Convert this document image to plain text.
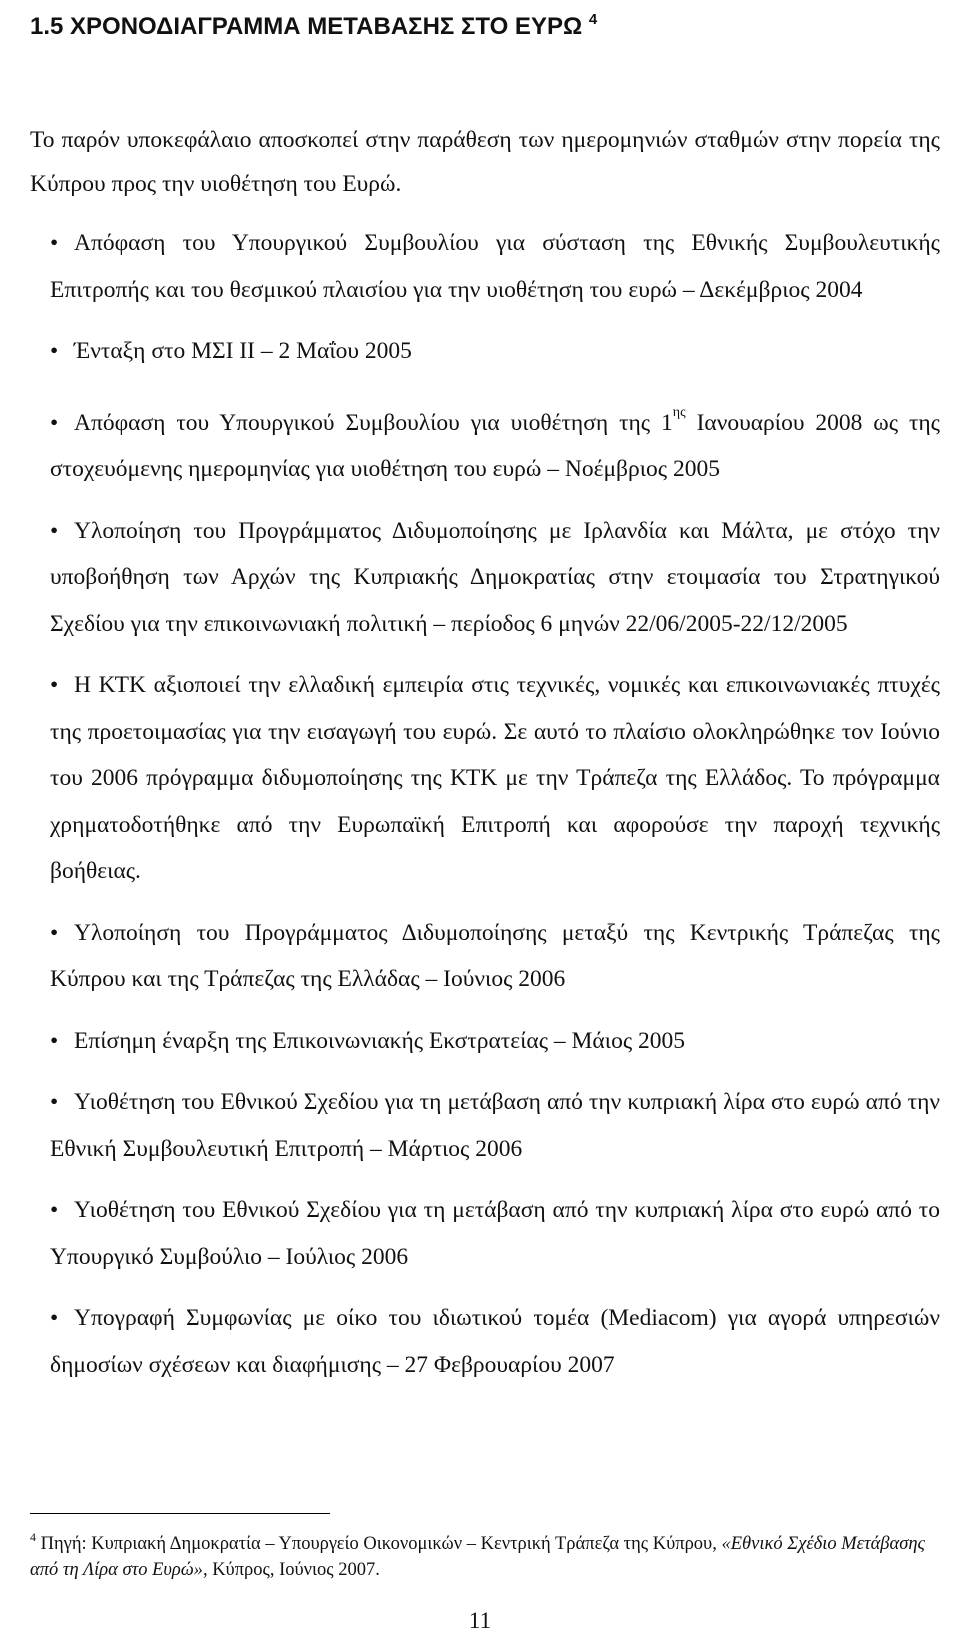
1.5 ΧΡΟΝΟΔΙΑΓΡΑΜΜΑ ΜΕΤΑΒΑΣΗΣ ΣΤΟ ΕΥΡΩ $^4$

Το παρόν υποκεφάλαιο αποσκοπεί στην παράθεση των ημερομηνιών σταθμών στην πορεία της Κύπρου προς την υιοθέτηση του Ευρώ.

• Απόφαση του Υπουργικού Συμβουλίου για σύσταση της Εθνικής Συμβουλευτικής Επιτροπής και του θεσμικού πλαισίου για την υιοθέτηση του ευρώ – Δεκέμβριος 2004
• Ένταξη στο ΜΣΙ ΙΙ – 2 Μαΐου 2005
• Απόφαση του Υπουργικού Συμβουλίου για υιοθέτηση της $1^{\eta\varsigma}$ Ιανουαρίου 2008 ως της στοχευόμενης ημερομηνίας για υιοθέτηση του ευρώ – Νοέμβριος 2005
• Υλοποίηση του Προγράμματος Διδυμοποίησης με Ιρλανδία και Μάλτα, με στόχο την υποβοήθηση των Αρχών της Κυπριακής Δημοκρατίας στην ετοιμασία του Στρατηγικού Σχεδίου για την επικοινωνιακή πολιτική – περίοδος 6 μηνών 22/06/2005-22/12/2005
• Η ΚΤΚ αξιοποιεί την ελλαδική εμπειρία στις τεχνικές, νομικές και επικοινωνιακές πτυχές της προετοιμασίας για την εισαγωγή του ευρώ. Σε αυτό το πλαίσιο ολοκληρώθηκε τον Ιούνιο του 2006 πρόγραμμα διδυμοποίησης της ΚΤΚ με την Τράπεζα της Ελλάδος. Το πρόγραμμα χρηματοδοτήθηκε από την Ευρωπαϊκή Επιτροπή και αφορούσε την παροχή τεχνικής βοήθειας.
• Υλοποίηση του Προγράμματος Διδυμοποίησης μεταξύ της Κεντρικής Τράπεζας της Κύπρου και της Τράπεζας της Ελλάδας – Ιούνιος 2006
• Επίσημη έναρξη της Επικοινωνιακής Εκστρατείας – Μάιος 2005
• Υιοθέτηση του Εθνικού Σχεδίου για τη μετάβαση από την κυπριακή λίρα στο ευρώ από την Εθνική Συμβουλευτική Επιτροπή – Μάρτιος 2006
• Υιοθέτηση του Εθνικού Σχεδίου για τη μετάβαση από την κυπριακή λίρα στο ευρώ από το Υπουργικό Συμβούλιο – Ιούλιος 2006
• Υπογραφή Συμφωνίας με οίκο του ιδιωτικού τομέα (Mediacom) για αγορά υπηρεσιών δημοσίων σχέσεων και διαφήμισης – 27 Φεβρουαρίου 2007

$^4$ Πηγή: Κυπριακή Δημοκρατία – Υπουργείο Οικονομικών – Κεντρική Τράπεζα της Κύπρου, «Εθνικό Σχέδιο Μετάβασης από τη Λίρα στο Ευρώ», Κύπρος, Ιούνιος 2007.

11
